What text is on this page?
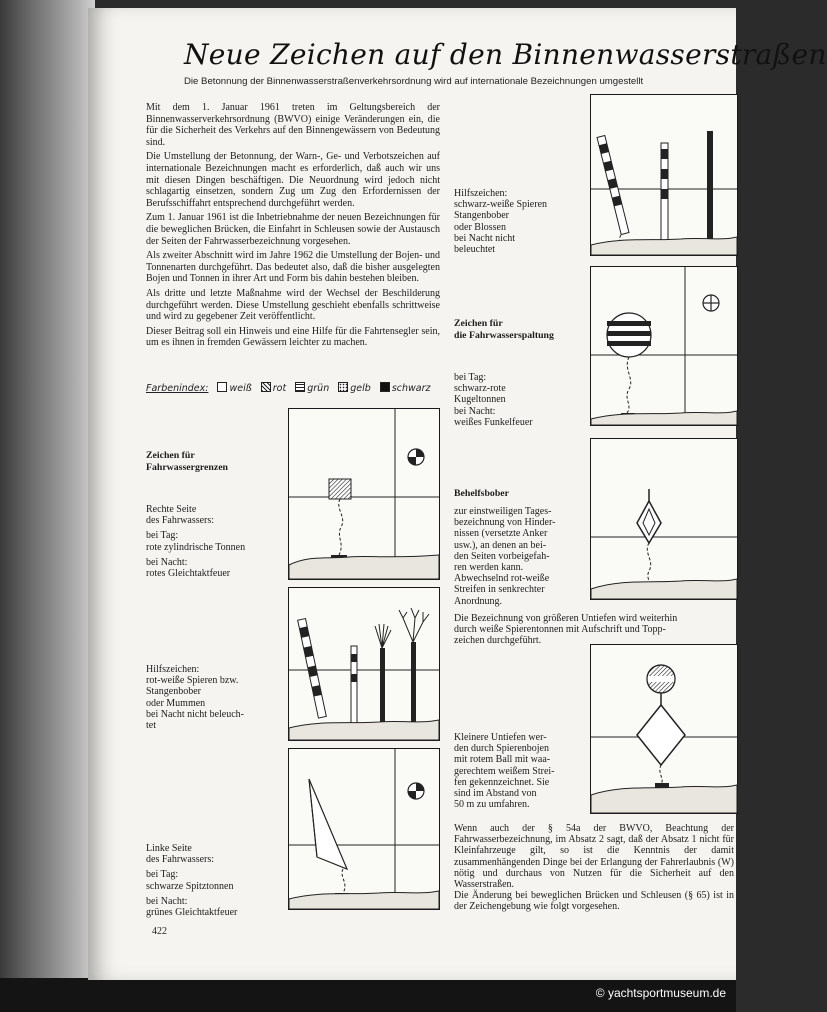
Neue Zeichen auf den Binnenwasserstraßen
Die Betonnung der Binnenwasserstraßenverkehrsordnung wird auf internationale Bezeichnungen umgestellt

Mit dem 1. Januar 1961 treten im Geltungsbereich der Binnenwasserverkehrsordnung (BWVO) einige Veränderungen ein, die für die Sicherheit des Verkehrs auf den Binnengewässern von Bedeutung sind.

Die Umstellung der Betonnung, der Warn-, Ge- und Verbotszeichen auf internationale Bezeichnungen macht es erforderlich, daß auch wir uns mit diesen Dingen beschäftigen. Die Neuordnung wird jedoch nicht schlagartig einsetzen, sondern Zug um Zug den Erfordernissen der Berufsschiffahrt entsprechend durchgeführt werden.

Zum 1. Januar 1961 ist die Inbetriebnahme der neuen Bezeichnungen für die beweglichen Brücken, die Einfahrt in Schleusen sowie der Austausch der Seiten der Fahrwasserbezeichnung vorgesehen.

Als zweiter Abschnitt wird im Jahre 1962 die Umstellung der Bojen- und Tonnenarten durchgeführt. Das bedeutet also, daß die bisher ausgelegten Bojen und Tonnen in ihrer Art und Form bis dahin bestehen bleiben.

Als dritte und letzte Maßnahme wird der Wechsel der Beschilderung durchgeführt werden. Diese Umstellung geschieht ebenfalls schrittweise und wird zu gegebener Zeit veröffentlicht.

Dieser Beitrag soll ein Hinweis und eine Hilfe für die Fahrtensegler sein, um es ihnen in fremden Gewässern leichter zu machen.

Farbenindex: weiß rot grün gelb schwarz
Zeichen für
Fahrwassergrenzen
Rechte Seite
des Fahrwassers:
bei Tag:
rote zylindrische Tonnen
bei Nacht:
rotes Gleichtaktfeuer
Hilfszeichen:
rot-weiße Spieren bzw.
Stangenbober
oder Mummen
bei Nacht nicht beleuch-
tet
Linke Seite
des Fahrwassers:
bei Tag:
schwarze Spitztonnen
bei Nacht:
grünes Gleichtaktfeuer
Hilfszeichen:
schwarz-weiße Spieren
Stangenbober
oder Blossen
bei Nacht nicht
beleuchtet
Zeichen für
die Fahrwasserspaltung
bei Tag:
schwarz-rote
Kugeltonnen
bei Nacht:
weißes Funkelfeuer
Behelfsbober
zur einstweiligen Tages-
bezeichnung von Hinder-
nissen (versetzte Anker
usw.), an denen an bei-
den Seiten vorbeigefah-
ren werden kann.
Abwechselnd rot-weiße
Streifen in senkrechter
Anordnung.
Die Bezeichnung von größeren Untiefen wird weiterhin
durch weiße Spierentonnen mit Aufschrift und Topp-
zeichen durchgeführt.
Kleinere Untiefen wer-
den durch Spierenbojen
mit rotem Ball mit waa-
gerechtem weißem Strei-
fen gekennzeichnet. Sie
sind im Abstand von
50 m zu umfahren.

Wenn auch der § 54a der BWVO, Beachtung der Fahrwasserbezeichnung, im Absatz 2 sagt, daß der Absatz 1 nicht für Kleinfahrzeuge gilt, so ist die Kenntnis der damit zusammenhängenden Dinge bei der Erlangung der Fahrerlaubnis (W) nötig und durchaus von Nutzen für die Sicherheit auf den Wasserstraßen.

Die Änderung bei beweglichen Brücken und Schleusen (§ 65) ist in der Zeichengebung wie folgt vorgesehen.

422
© yachtsportmuseum.de
